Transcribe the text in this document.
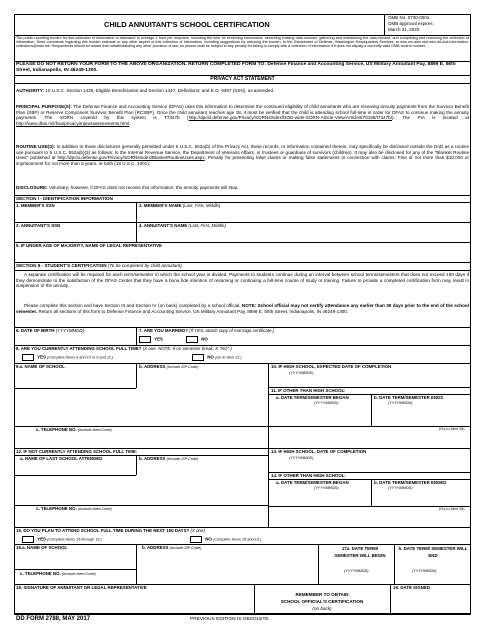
CHILD ANNUITANT'S SCHOOL CERTIFICATION
OMB No. 0730-0001
OMB approval expires:
March 31, 2020
The public reporting burden for this collection of information is estimated to average 1 hour per response, including the time for reviewing instructions, searching existing data sources, gathering and maintaining the data needed, and completing and reviewing the collection of information. Send comments regarding this burden estimate or any other aspect of this collection of information, including suggestions for reducing the burden, to the Department of Defense, Washington Headquarters Services, at whs.mc-alex.esd.mbx.dd-dod-information-collections@mail.mil. Respondents should be aware that notwithstanding any other provision of law, no person shall be subject to any penalty for failing to comply with a collection of information if it does not display a currently valid OMB control number.
PLEASE DO NOT RETURN YOUR FORM TO THE ABOVE ORGANIZATION. RETURN COMPLETED FORM TO: Defense Finance and Accounting Service, US Military Annuitant Pay, 8899 E. 56th Street, Indianapolis, IN 46249-1300.
PRIVACY ACT STATEMENT
AUTHORITY: 10 U.S.C. Section 1435, Eligible Beneficiaries and Section 1447, Definitions; and E.O. 9397 (SSN), as amended.
PRINCIPAL PURPOSE(S): The Defense Finance and Accounting Service (DFAS) uses this information to determine the continued eligibility of child annuitants who are receiving annuity payments from the Survivor Benefit Plan (SBP) or Reserve Component Survivor Benefit Plan (RCSBP). Once the child annuitant reaches age 18, it must be verified that the child is attending school full-time in order for DFAS to continue making the annuity payments. The SORN covered by this system is T7347b (http://dpcld.defense.gov/Privacy/SORNsIndex/DOD-wide-SORN-Article-View/Article/570196/t7347b/). The PIA is located at http://www.dfas.mil/foia/privacyimpactassessments.html.
ROUTINE USE(S): In addition to those disclosures generally permitted under 5 U.S.C. 552a(b) of the Privacy Act, these records, or information contained therein, may specifically be disclosed outside the DoD as a routine use pursuant to 5 U.S.C. 552a(b)(3) as follows: to the Internal Revenue Service, the Department of Veterans Affairs, or trustees or guardians of survivors (children). It may also be disclosed for any of the "Blanket Routine Uses" published at http://dpclo.defense.gov/Privacy/SORNsIndex/BlanketRoutineUses.aspx. Penalty for presenting false claims or making false statements in connection with claims: Fine of not more than $10,000 or imprisonment for not more than 5 years, or both (18 U.S.C. 1001).
DISCLOSURE: Voluntary; however, if DFAS does not receive this information, the annuity payments will stop.
SECTION I - IDENTIFICATION INFORMATION
1. MEMBER'S SSN	2. MEMBER'S NAME (Last, First, Middle)
3. ANNUITANT'S SSN	4. ANNUITANT'S NAME (Last, First, Middle)
5. IF UNDER AGE OF MAJORITY, NAME OF LEGAL REPRESENTATIVE
SECTION II - STUDENT'S CERTIFICATION (To be completed by child annuitant)
A separate certification will be required for each term/semester in which the school year is divided. Payments to students continue during an interval between school terms/semesters that does not exceed 150 days if they demonstrate to the satisfaction of the DFAS Center that they have a bona fide intention of resuming or continuing a full-time course of study or training. Failure to provide a completed certification form may result in suspension of the annuity.
Please complete this section and have Section III and Section IV (on back) completed by a school official. NOTE: School official may not certify attendance any earlier than 30 days prior to the end of the school semester. Return all sections of this form to Defense Finance and Accounting Service, US Military Annuitant Pay, 8899 E. 56th Street, Indianapolis, IN 46249-1300.
6. DATE OF BIRTH (YYYYMMDD)	7. ARE YOU MARRIED? (If YES, attach copy of marriage certificate.)
YES	NO
8. ARE YOU CURRENTLY ATTENDING SCHOOL FULL TIME? (X one. NOTE: If on semester break, X "NO".)
YES (Complete Items 9 and 10 or 9 and 11.)	NO (Go to Item 12.)
9.a. NAME OF SCHOOL	b. ADDRESS (Include ZIP Code)
c. TELEPHONE NO. (Include Area Code)
10. IF HIGH SCHOOL, EXPECTED DATE OF COMPLETION
(YYYYMMDD)
11. IF OTHER THAN HIGH SCHOOL:
a. DATE TERM/SEMESTER BEGAN
(YYYYMMDD)
b. DATE TERM/SEMESTER ENDS
(YYYYMMDD)
(Go to Item 15)
12. IF NOT CURRENTLY ATTENDING SCHOOL FULL TIME:
a. NAME OF LAST SCHOOL ATTENDED	b. ADDRESS (Include ZIP Code)
c. TELEPHONE NO. (Include Area Code)
13. IF HIGH SCHOOL, DATE OF COMPLETION
(YYYYMMDD)
14. IF OTHER THAN HIGH SCHOOL:
a. DATE TERM/SEMESTER BEGAN
(YYYYMMDD)
b. DATE TERM/SEMESTER ENDED
(YYYYMMDD)
(Go to Item 15)
15. DO YOU PLAN TO ATTEND SCHOOL FULL TIME DURING THE NEXT 150 DAYS? (X one)
YES (Complete Items 16 through 19.)	NO (Complete Items 18 and 19.)
16.a. NAME OF SCHOOL	b. ADDRESS (Include ZIP Code)
c. TELEPHONE NO. (Include Area Code)
17a. DATE TERM/ SEMESTER WILL BEGIN
(YYYYMMDD)
b. DATE TERM/ SEMESTER WILL END
(YYYYMMDD)
18. SIGNATURE OF ANNUITANT OR LEGAL REPRESENTATIVE
REMEMBER TO OBTAIN
SCHOOL OFFICIAL'S CERTIFICATION
(on back)
19. DATE SIGNED
DD FORM 2788, MAY 2017	PREVIOUS EDITION IS OBSOLETE.
